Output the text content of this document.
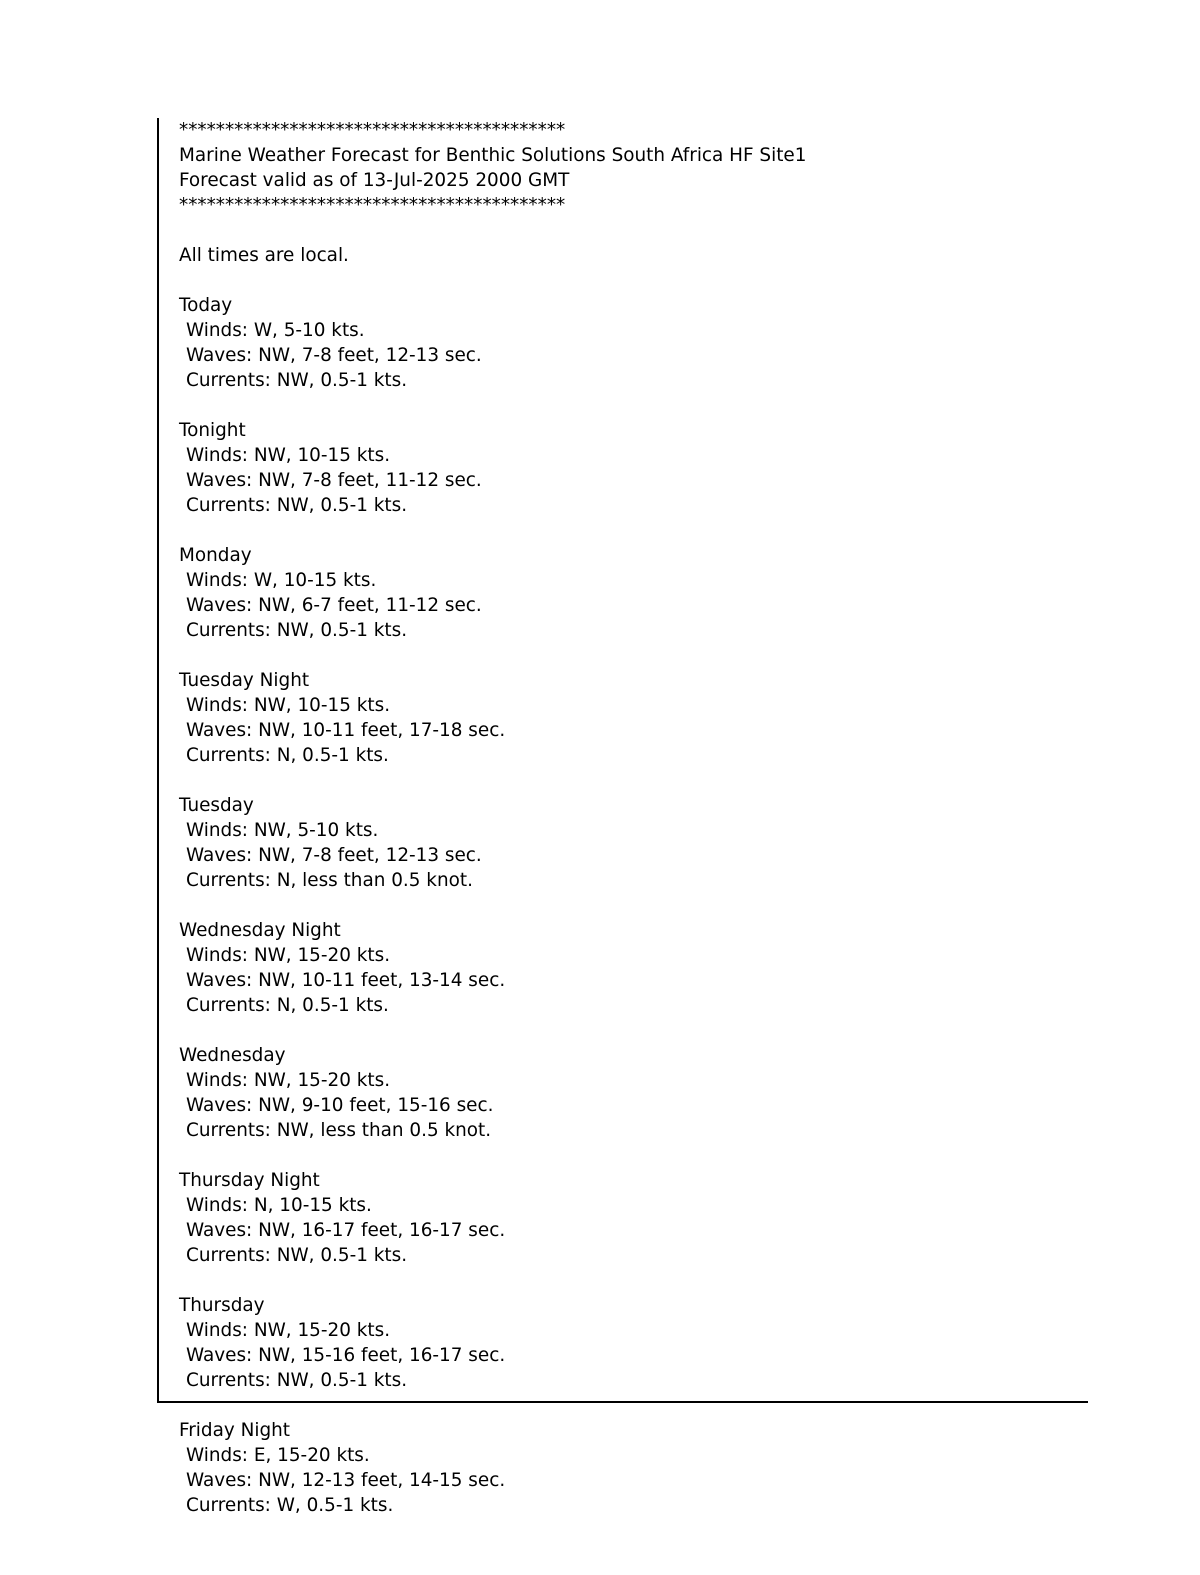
******************************************
Marine Weather Forecast for Benthic Solutions South Africa HF Site1
Forecast valid as of 13-Jul-2025 2000 GMT
******************************************
All times are local.
Today
Winds: W, 5-10 kts.
Waves: NW, 7-8 feet, 12-13 sec.
Currents: NW, 0.5-1 kts.
Tonight
Winds: NW, 10-15 kts.
Waves: NW, 7-8 feet, 11-12 sec.
Currents: NW, 0.5-1 kts.
Monday
Winds: W, 10-15 kts.
Waves: NW, 6-7 feet, 11-12 sec.
Currents: NW, 0.5-1 kts.
Tuesday Night
Winds: NW, 10-15 kts.
Waves: NW, 10-11 feet, 17-18 sec.
Currents: N, 0.5-1 kts.
Tuesday
Winds: NW, 5-10 kts.
Waves: NW, 7-8 feet, 12-13 sec.
Currents: N, less than 0.5 knot.
Wednesday Night
Winds: NW, 15-20 kts.
Waves: NW, 10-11 feet, 13-14 sec.
Currents: N, 0.5-1 kts.
Wednesday
Winds: NW, 15-20 kts.
Waves: NW, 9-10 feet, 15-16 sec.
Currents: NW, less than 0.5 knot.
Thursday Night
Winds: N, 10-15 kts.
Waves: NW, 16-17 feet, 16-17 sec.
Currents: NW, 0.5-1 kts.
Thursday
Winds: NW, 15-20 kts.
Waves: NW, 15-16 feet, 16-17 sec.
Currents: NW, 0.5-1 kts.
Friday Night
Winds: E, 15-20 kts.
Waves: NW, 12-13 feet, 14-15 sec.
Currents: W, 0.5-1 kts.
